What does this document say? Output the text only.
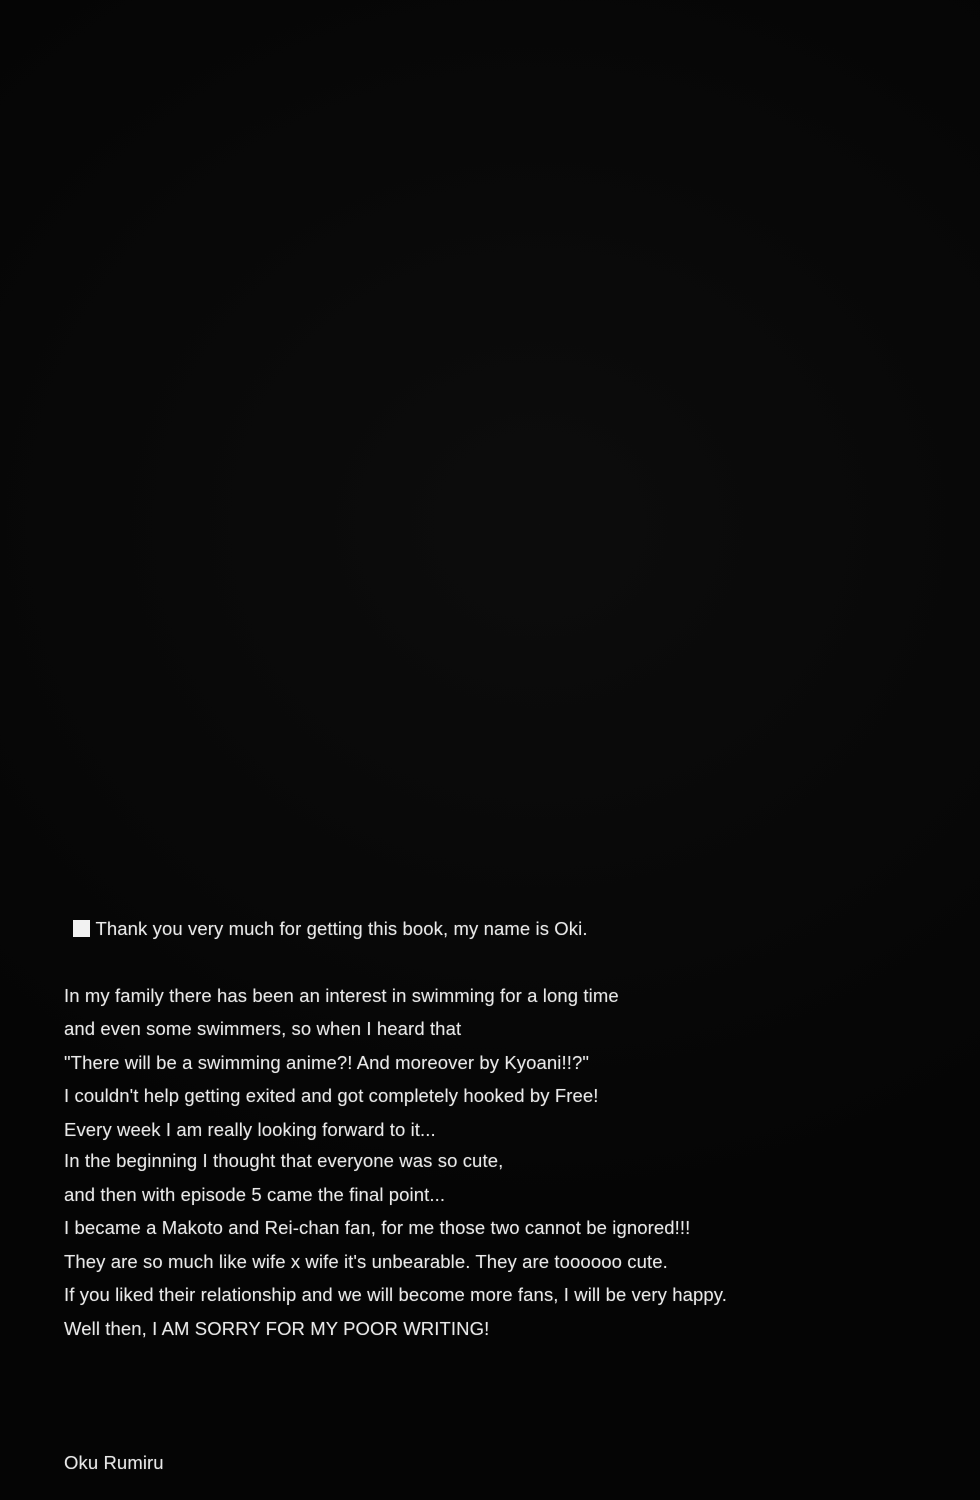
Thank you very much for getting this book, my name is Oki.

In my family there has been an interest in swimming for a long time
and even some swimmers, so when I heard that
"There will be a swimming anime?! And moreover by Kyoani!!?"
I couldn't help getting exited and got completely hooked by Free!
Every week I am really looking forward to it...
In the beginning I thought that everyone was so cute,
and then with episode 5 came the final point...
I became a Makoto and Rei-chan fan, for me those two cannot be ignored!!!
They are so much like wife x wife it's unbearable. They are toooooo cute.
If you liked their relationship and we will become more fans, I will be very happy.
Well then, I AM SORRY FOR MY POOR WRITING!
Oku Rumiru
